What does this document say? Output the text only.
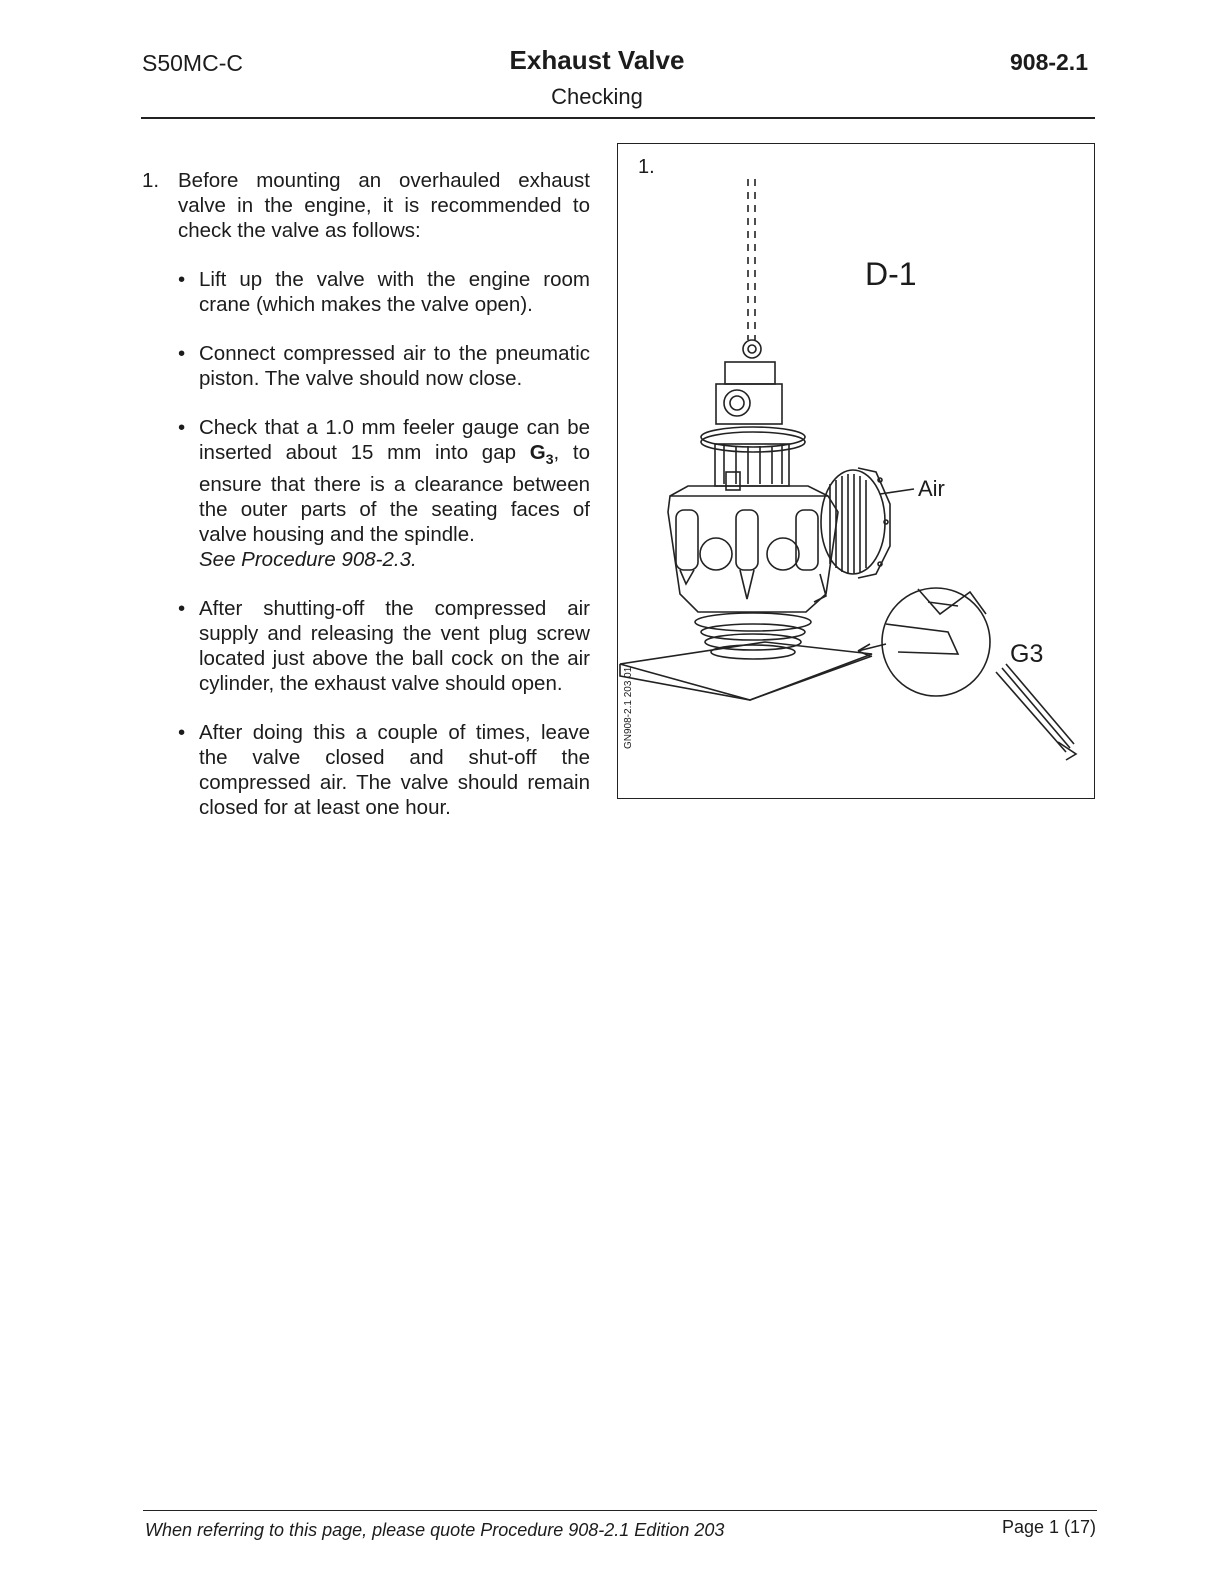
S50MC-C	Exhaust Valve
Checking
908-2.1
1. Before mounting an overhauled exhaust valve in the engine, it is recommended to check the valve as follows:
• Lift up the valve with the engine room crane (which makes the valve open).
• Connect compressed air to the pneumatic piston. The valve should now close.
• Check that a 1.0 mm feeler gauge can be inserted about 15 mm into gap $G_3$, to ensure that there is a clearance between the outer parts of the seating faces of valve housing and the spindle.
See Procedure 908-2.3.
• After shutting-off the compressed air supply and releasing the vent plug screw located just above the ball cock on the air cylinder, the exhaust valve should open.
• After doing this a couple of times, leave the valve closed and shut-off the compressed air. The valve should remain closed for at least one hour.
1.
D-1
Air
G3
GN908-2.1 203 01
When referring to this page, please quote Procedure 908-2.1 Edition 203	Page 1 (17)
